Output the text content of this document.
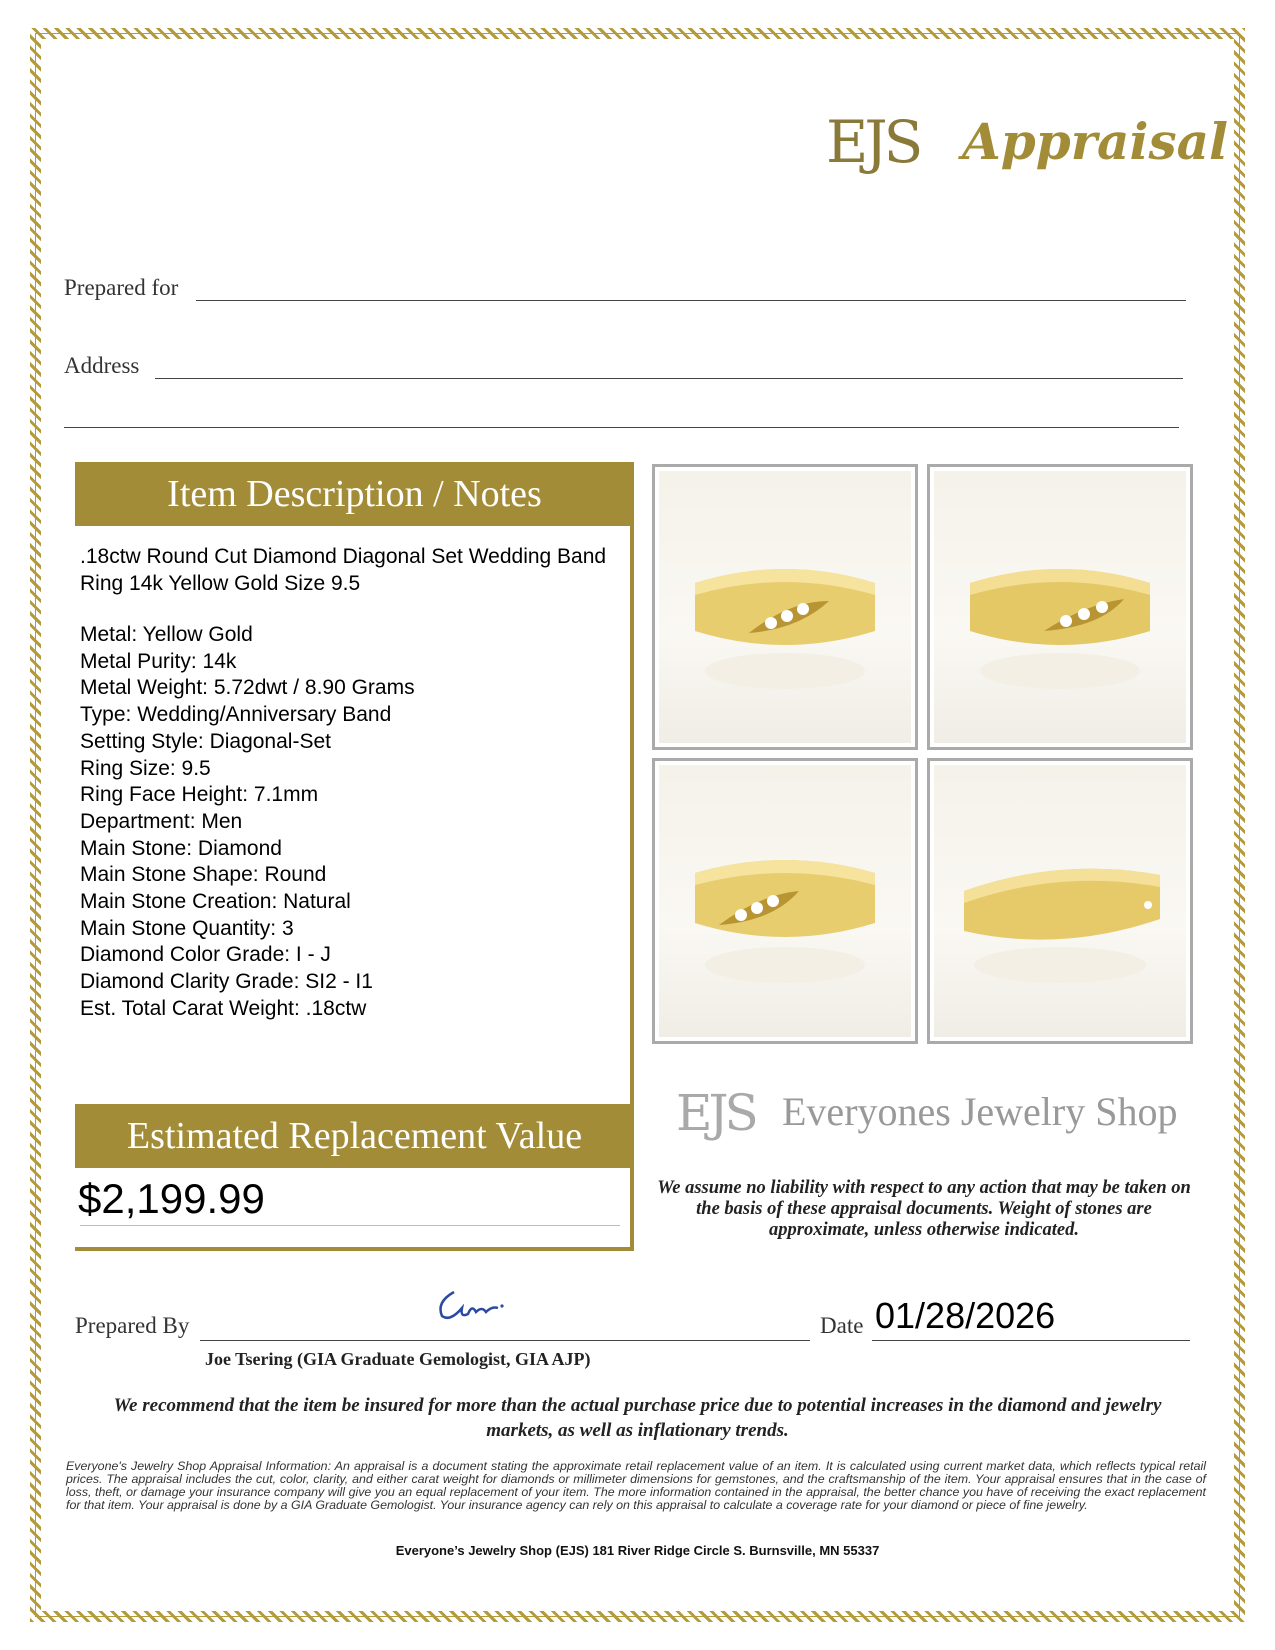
EJS Appraisal
Prepared for
Address
Item Description / Notes
.18ctw Round Cut Diamond Diagonal Set Wedding Band Ring 14k Yellow Gold Size 9.5
Metal: Yellow Gold
Metal Purity: 14k
Metal Weight: 5.72dwt / 8.90 Grams
Type: Wedding/Anniversary Band
Setting Style: Diagonal-Set
Ring Size: 9.5
Ring Face Height: 7.1mm
Department: Men
Main Stone: Diamond
Main Stone Shape: Round
Main Stone Creation: Natural
Main Stone Quantity: 3
Diamond Color Grade: I - J
Diamond Clarity Grade: SI2 - I1
Est. Total Carat Weight: .18ctw
Estimated Replacement Value
$2,199.99
EJS Everyones Jewelry Shop
We assume no liability with respect to any action that may be taken on the basis of these appraisal documents. Weight of stones are approximate, unless otherwise indicated.
Prepared By	Date 01/28/2026
Joe Tsering (GIA Graduate Gemologist, GIA AJP)
We recommend that the item be insured for more than the actual purchase price due to potential increases in the diamond and jewelry markets, as well as inflationary trends.
Everyone's Jewelry Shop Appraisal Information: An appraisal is a document stating the approximate retail replacement value of an item. It is calculated using current market data, which reflects typical retail prices. The appraisal includes the cut, color, clarity, and either carat weight for diamonds or millimeter dimensions for gemstones, and the craftsmanship of the item. Your appraisal ensures that in the case of loss, theft, or damage your insurance company will give you an equal replacement of your item. The more information contained in the appraisal, the better chance you have of receiving the exact replacement for that item. Your appraisal is done by a GIA Graduate Gemologist. Your insurance agency can rely on this appraisal to calculate a coverage rate for your diamond or piece of fine jewelry.
Everyone’s Jewelry Shop (EJS) 181 River Ridge Circle S. Burnsville, MN 55337
